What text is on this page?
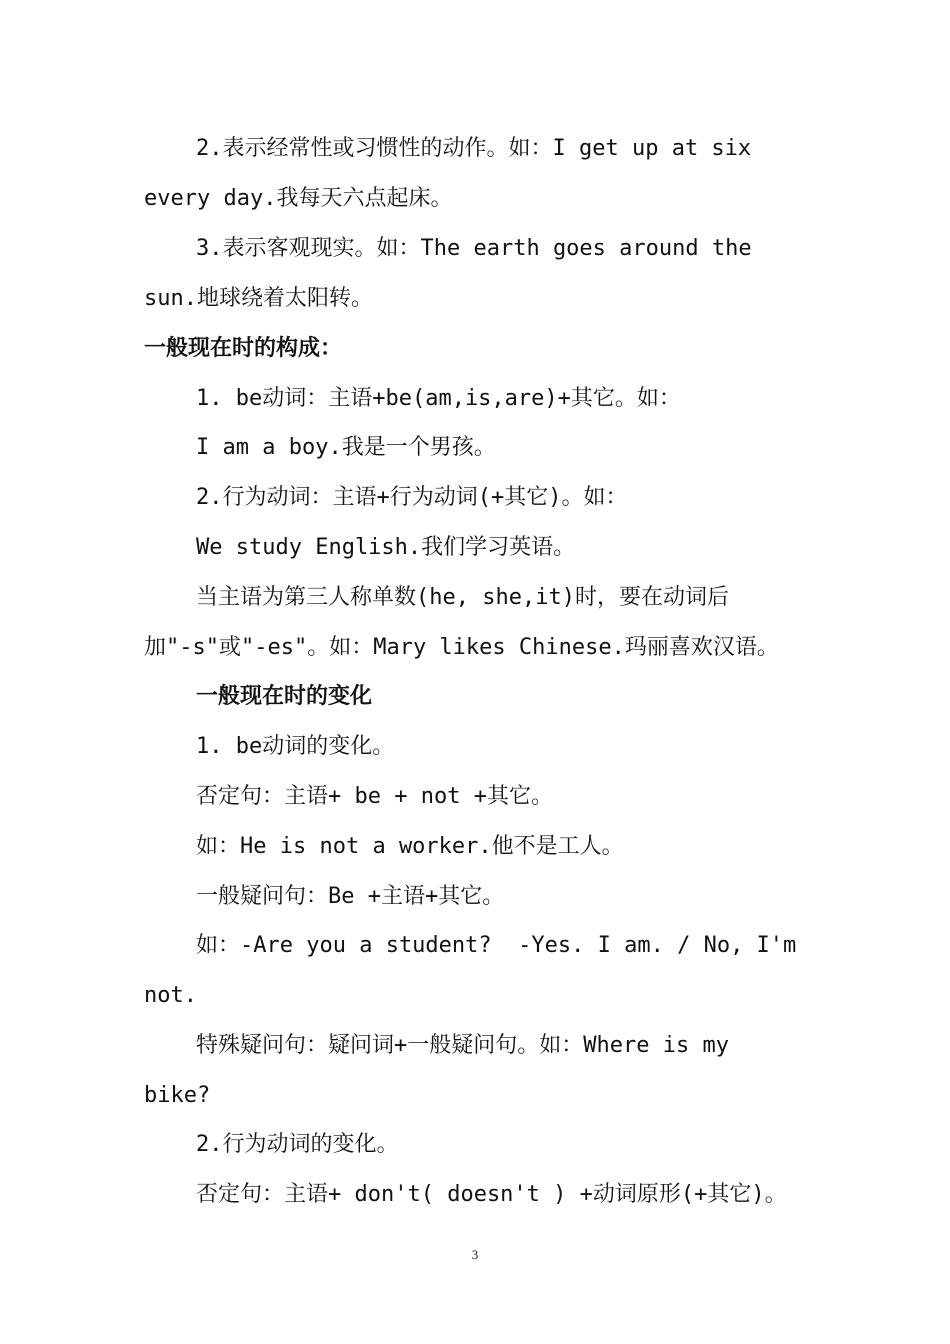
2.表示经常性或习惯性的动作。如：I get up at six
every day.我每天六点起床。
3.表示客观现实。如：The earth goes around the
sun.地球绕着太阳转。
一般现在时的构成：
1. be动词：主语+be(am,is,are)+其它。如：
I am a boy.我是一个男孩。
2.行为动词：主语+行为动词(+其它)。如：
We study English.我们学习英语。
当主语为第三人称单数(he, she,it)时，要在动词后
加"-s"或"-es"。如：Mary likes Chinese.玛丽喜欢汉语。
一般现在时的变化
1. be动词的变化。
否定句：主语+ be + not +其它。
如：He is not a worker.他不是工人。
一般疑问句：Be +主语+其它。
如：-Are you a student?  -Yes. I am. / No, I'm
not.
特殊疑问句：疑问词+一般疑问句。如：Where is my
bike?
2.行为动词的变化。
否定句：主语+ don't( doesn't ) +动词原形(+其它)。
3
